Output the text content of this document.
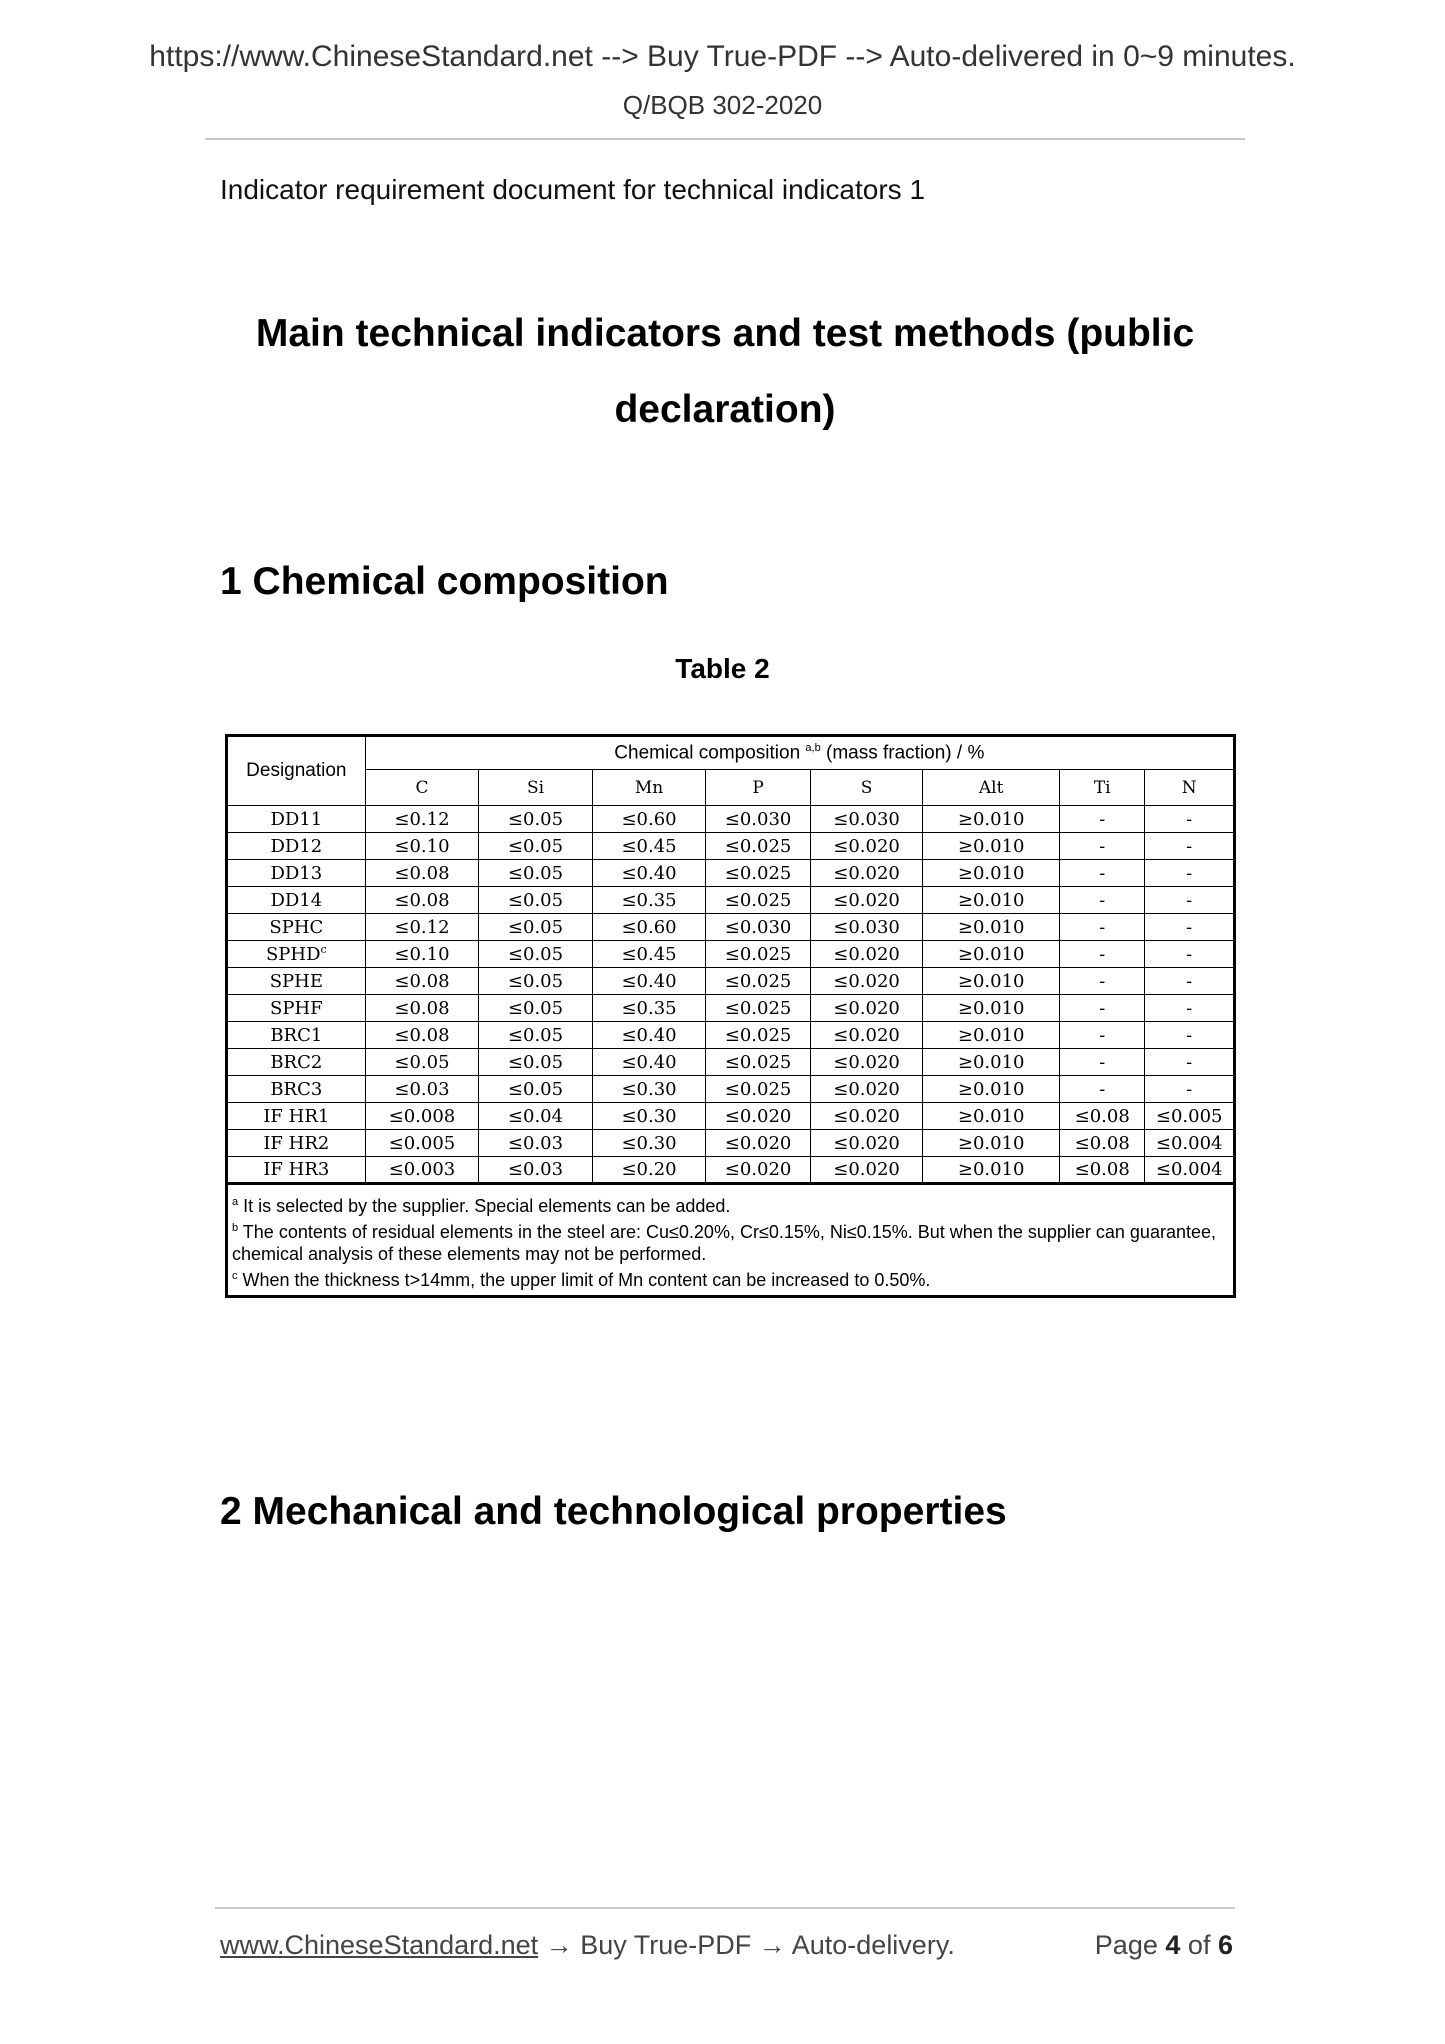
https://www.ChineseStandard.net --> Buy True-PDF --> Auto-delivered in 0~9 minutes.
Q/BQB 302-2020
Indicator requirement document for technical indicators 1
Main technical indicators and test methods (public declaration)
1 Chemical composition
Table 2
Designation	Chemical composition $^{a,b}$ (mass fraction) / %							
	C	Si	Mn	P	S	Alt	Ti	N
DD11	≤0.12	≤0.05	≤0.60	≤0.030	≤0.030	≥0.010	-	-
DD12	≤0.10	≤0.05	≤0.45	≤0.025	≤0.020	≥0.010	-	-
DD13	≤0.08	≤0.05	≤0.40	≤0.025	≤0.020	≥0.010	-	-
DD14	≤0.08	≤0.05	≤0.35	≤0.025	≤0.020	≥0.010	-	-
SPHC	≤0.12	≤0.05	≤0.60	≤0.030	≤0.030	≥0.010	-	-
$SPHD^c$	≤0.10	≤0.05	≤0.45	≤0.025	≤0.020	≥0.010	-	-
SPHE	≤0.08	≤0.05	≤0.40	≤0.025	≤0.020	≥0.010	-	-
SPHF	≤0.08	≤0.05	≤0.35	≤0.025	≤0.020	≥0.010	-	-
BRC1	≤0.08	≤0.05	≤0.40	≤0.025	≤0.020	≥0.010	-	-
BRC2	≤0.05	≤0.05	≤0.40	≤0.025	≤0.020	≥0.010	-	-
BRC3	≤0.03	≤0.05	≤0.30	≤0.025	≤0.020	≥0.010	-	-
IF HR1	≤0.008	≤0.04	≤0.30	≤0.020	≤0.020	≥0.010	≤0.08	≤0.005
IF HR2	≤0.005	≤0.03	≤0.30	≤0.020	≤0.020	≥0.010	≤0.08	≤0.004
IF HR3	≤0.003	≤0.03	≤0.20	≤0.020	≤0.020	≥0.010	≤0.08	≤0.004

$^a$ It is selected by the supplier. Special elements can be added.
$^b$ The contents of residual elements in the steel are: Cu≤0.20%, Cr≤0.15%, Ni≤0.15%. But when the supplier can guarantee, chemical analysis of these elements may not be performed.
$^c$ When the thickness t>14mm, the upper limit of Mn content can be increased to 0.50%.								
2 Mechanical and technological properties
www.ChineseStandard.net → Buy True-PDF → Auto-delivery.	Page 4 of 6
